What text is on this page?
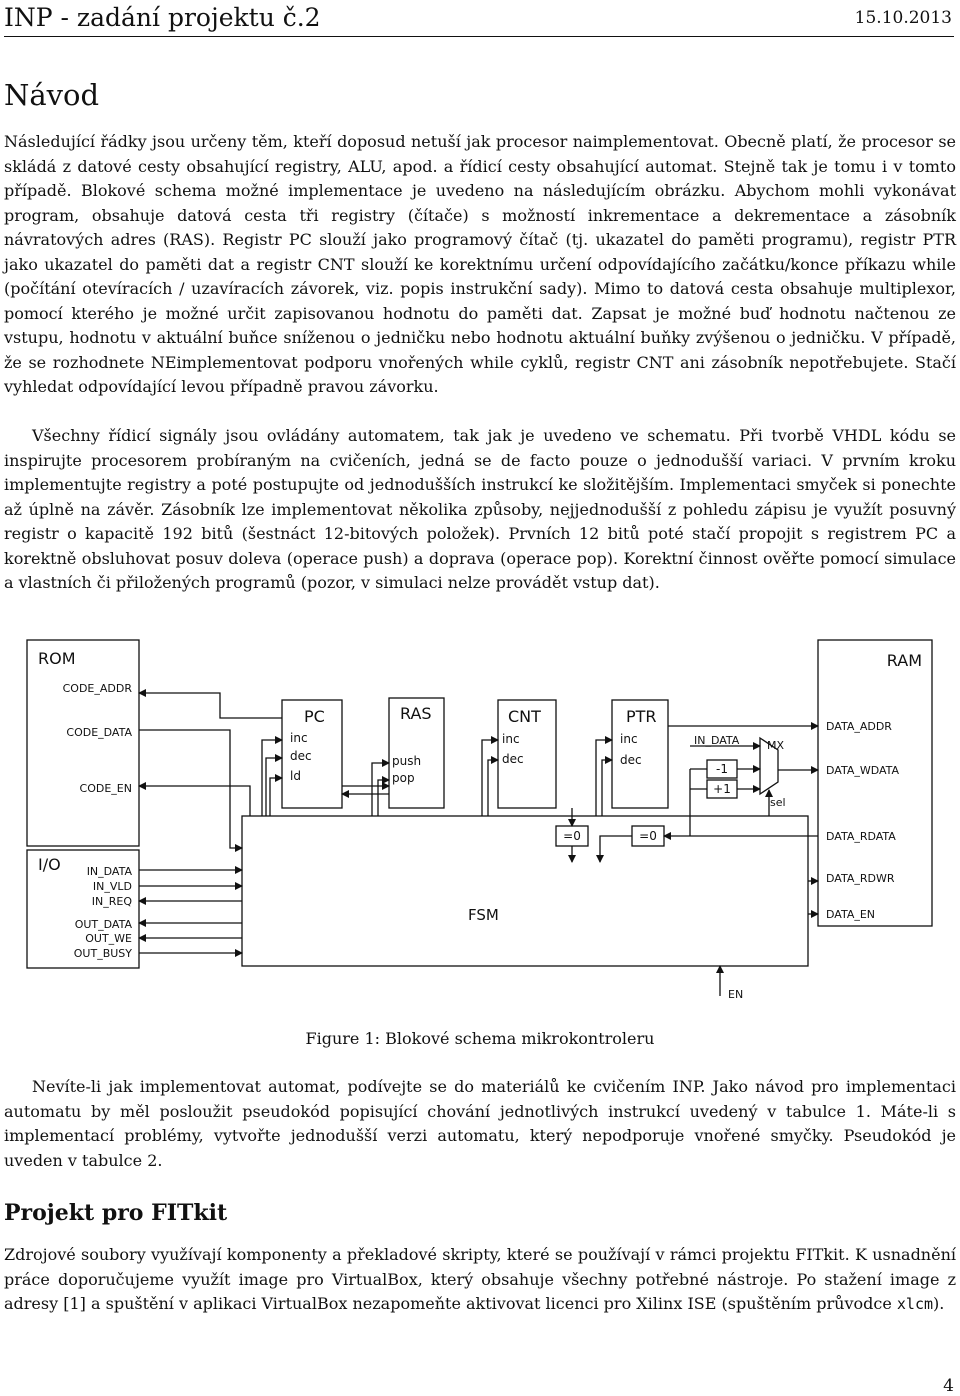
INP - zadání projektu č.2	15.10.2013
Návod

Následující řádky jsou určeny těm, kteří doposud netuší jak procesor naimplementovat. Obecně platí, že procesor se skládá z datové cesty obsahující registry, ALU, apod. a řídicí cesty obsahující automat. Stejně tak je tomu i v tomto případě. Blokové schema možné implementace je uvedeno na následujícím obrázku. Abychom mohli vykonávat program, obsahuje datová cesta tři registry (čítače) s možností inkrementace a dekrementace a zásobník návratových adres (RAS). Registr PC slouží jako programový čítač (tj. ukazatel do paměti programu), registr PTR jako ukazatel do paměti dat a registr CNT slouží ke korektnímu určení odpovídajícího začátku/konce příkazu while (počítání otevíracích / uzavíracích závorek, viz. popis instrukční sady). Mimo to datová cesta obsahuje multiplexor, pomocí kterého je možné určit zapisovanou hodnotu do paměti dat. Zapsat je možné buď hodnotu načtenou ze vstupu, hodnotu v aktuální buňce sníženou o jedničku nebo hodnotu aktuální buňky zvýšenou o jedničku. V případě, že se rozhodnete NEimplementovat podporu vnořených while cyklů, registr CNT ani zásobník nepotřebujete. Stačí vyhledat odpovídající levou případně pravou závorku.

Všechny řídicí signály jsou ovládány automatem, tak jak je uvedeno ve schematu. Při tvorbě VHDL kódu se inspirujte procesorem probíraným na cvičeních, jedná se de facto pouze o jednodušší variaci. V prvním kroku implementujte registry a poté postupujte od jednodušších instrukcí ke složitějším. Implementaci smyček si ponechte až úplně na závěr. Zásobník lze implementovat několika způsoby, nejjednodušší z pohledu zápisu je využít posuvný registr o kapacitě 192 bitů (šestnáct 12-bitových položek). Prvních 12 bitů poté stačí propojit s registrem PC a korektně obsluhovat posuv doleva (operace push) a doprava (operace pop). Korektní činnost ověřte pomocí simulace a vlastních či přiložených programů (pozor, v simulaci nelze provádět vstup dat).

ROM
CODE_ADDR
CODE_DATA
CODE_EN
I/O IN_DATA
IN_VLD
IN_REQ
OUT_DATA
OUT_WE
OUT_BUSY
RAM
DATA_ADDR
DATA_WDATA
DATA_RDATA
DATA_RDWR
DATA_EN
PC
inc
dec
ld
RAS
push
pop
CNT
inc
dec
PTR
inc
dec
MX
IN_DATA
-1
+1
sel
=0	=0
FSM
EN
Figure 1: Blokové schema mikrokontroleru

Nevíte-li jak implementovat automat, podívejte se do materiálů ke cvičením INP. Jako návod pro implementaci automatu by měl posloužit pseudokód popisující chování jednotlivých instrukcí uvedený v tabulce 1. Máte-li s implementací problémy, vytvořte jednodušší verzi automatu, který nepodporuje vnořené smyčky. Pseudokód je uveden v tabulce 2.

Projekt pro FITkit

Zdrojové soubory využívají komponenty a překladové skripty, které se používají v rámci projektu FITkit. K usnadnění práce doporučujeme využít image pro VirtualBox, který obsahuje všechny potřebné nástroje. Po stažení image z adresy [1] a spuštění v aplikaci VirtualBox nezapomeňte aktivovat licenci pro Xilinx ISE (spuštěním průvodce xlcm).

4
